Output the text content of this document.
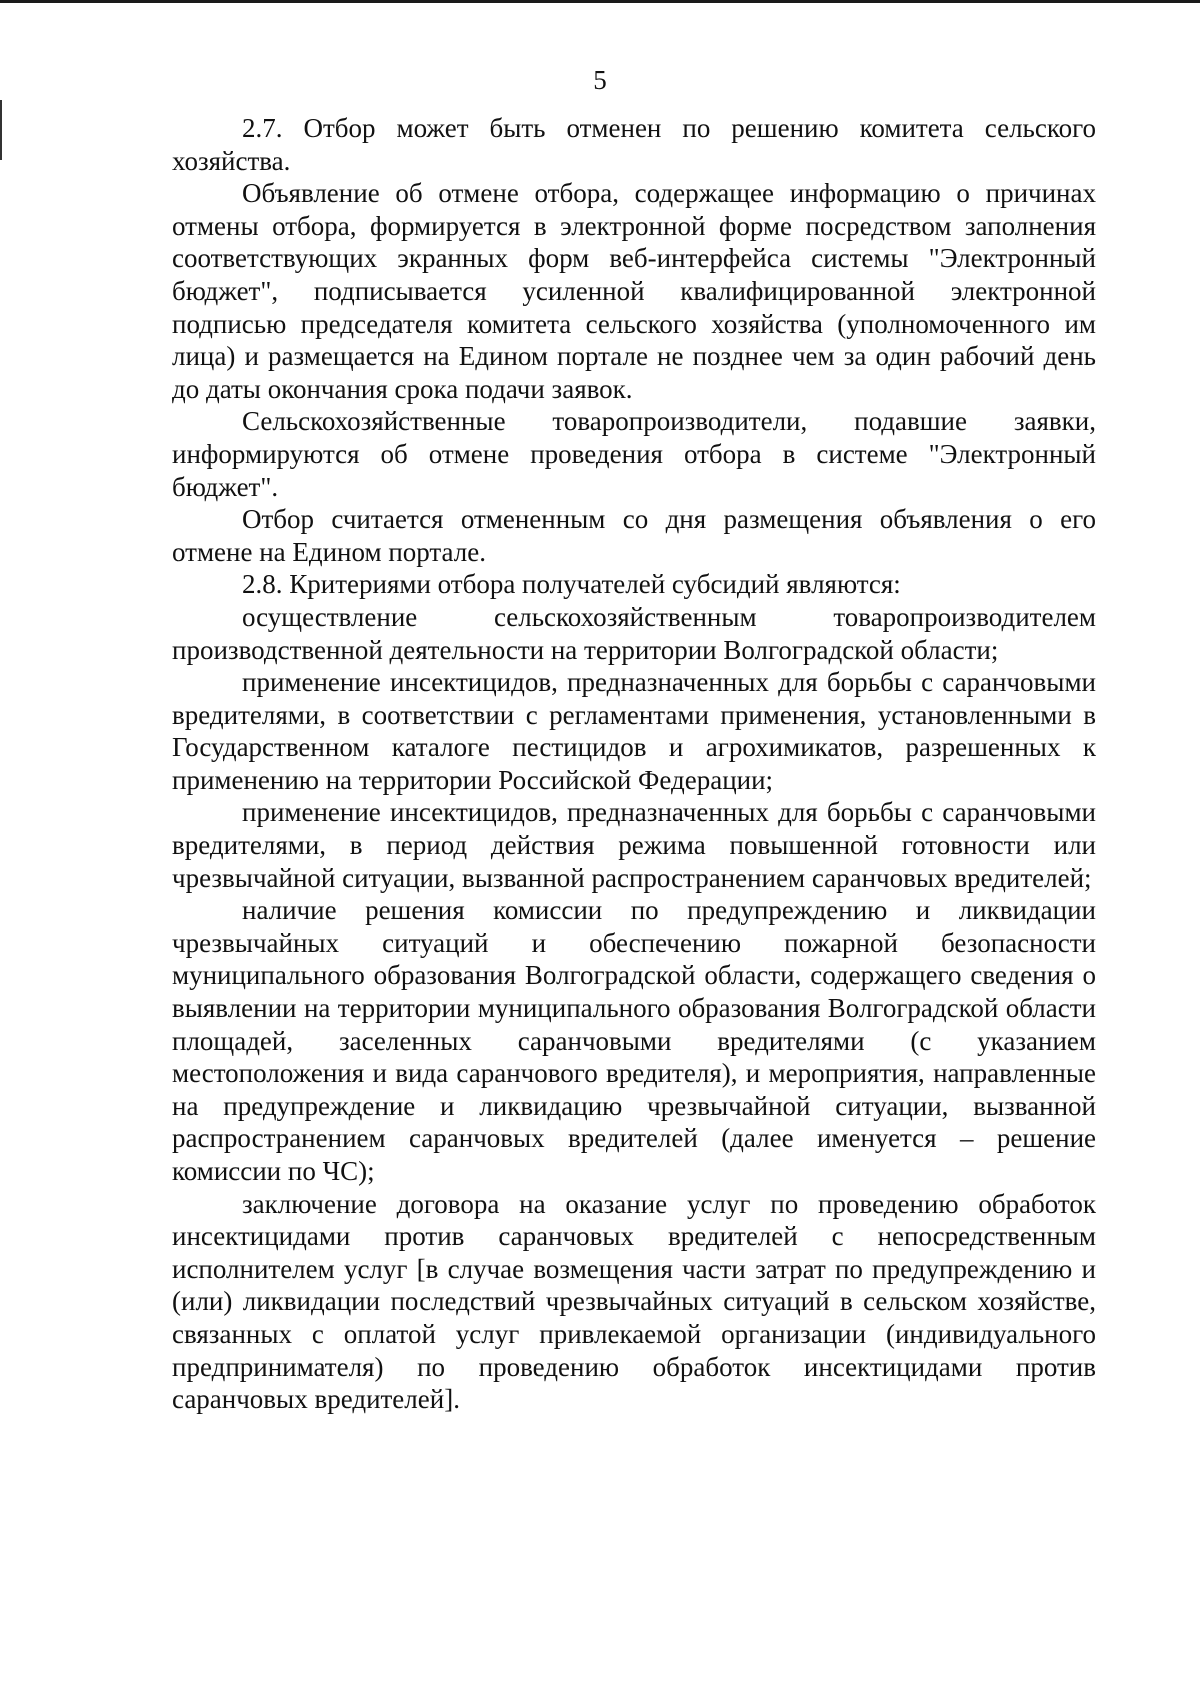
5

2.7. Отбор может быть отменен по решению комитета сельского хозяйства.

Объявление об отмене отбора, содержащее информацию о причинах отмены отбора, формируется в электронной форме посредством заполнения соответствующих экранных форм веб-интерфейса системы "Электронный бюджет", подписывается усиленной квалифицированной электронной подписью председателя комитета сельского хозяйства (уполномоченного им лица) и размещается на Едином портале не позднее чем за один рабочий день до даты окончания срока подачи заявок.

Сельскохозяйственные товаропроизводители, подавшие заявки, информируются об отмене проведения отбора в системе "Электронный бюджет".

Отбор считается отмененным со дня размещения объявления о его отмене на Едином портале.

2.8. Критериями отбора получателей субсидий являются:

осуществление сельскохозяйственным товаропроизводителем производственной деятельности на территории Волгоградской области;

применение инсектицидов, предназначенных для борьбы с саранчовыми вредителями, в соответствии с регламентами применения, установленными в Государственном каталоге пестицидов и агрохимикатов, разрешенных к применению на территории Российской Федерации;

применение инсектицидов, предназначенных для борьбы с саранчовыми вредителями, в период действия режима повышенной готовности или чрезвычайной ситуации, вызванной распространением саранчовых вредителей;

наличие решения комиссии по предупреждению и ликвидации чрезвычайных ситуаций и обеспечению пожарной безопасности муниципального образования Волгоградской области, содержащего сведения о выявлении на территории муниципального образования Волгоградской области площадей, заселенных саранчовыми вредителями (с указанием местоположения и вида саранчового вредителя), и мероприятия, направленные на предупреждение и ликвидацию чрезвычайной ситуации, вызванной распространением саранчовых вредителей (далее именуется – решение комиссии по ЧС);

заключение договора на оказание услуг по проведению обработок инсектицидами против саранчовых вредителей с непосредственным исполнителем услуг [в случае возмещения части затрат по предупреждению и (или) ликвидации последствий чрезвычайных ситуаций в сельском хозяйстве, связанных с оплатой услуг привлекаемой организации (индивидуального предпринимателя) по проведению обработок инсектицидами против саранчовых вредителей].
